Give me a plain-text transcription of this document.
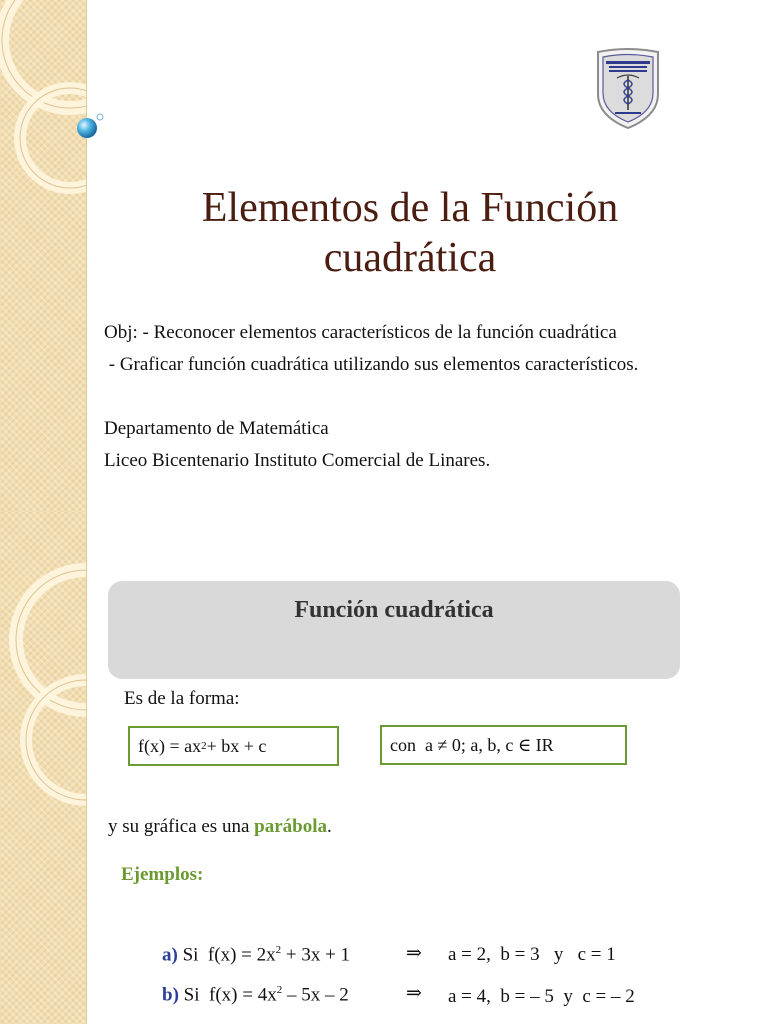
Elementos de la Función
cuadrática
Obj: - Reconocer elementos característicos de la función cuadrática
- Graficar función cuadrática utilizando sus elementos característicos.
Departamento de Matemática
Liceo Bicentenario Instituto Comercial de Linares.
Función cuadrática
Es de la forma:
f(x) = ax 2 + bx + c	con  a ≠ 0; a, b, c ∈ IR
y su gráfica es una parábola.
Ejemplos:
a) Si  $f(x) = 2x^2 + 3x + 1$	⇒ a = 2,  b = 3   y   c = 1
b) Si  $f(x) = 4x^2 - 5x - 2$	⇒ a = 4,  b = – 5  y  c = – 2
